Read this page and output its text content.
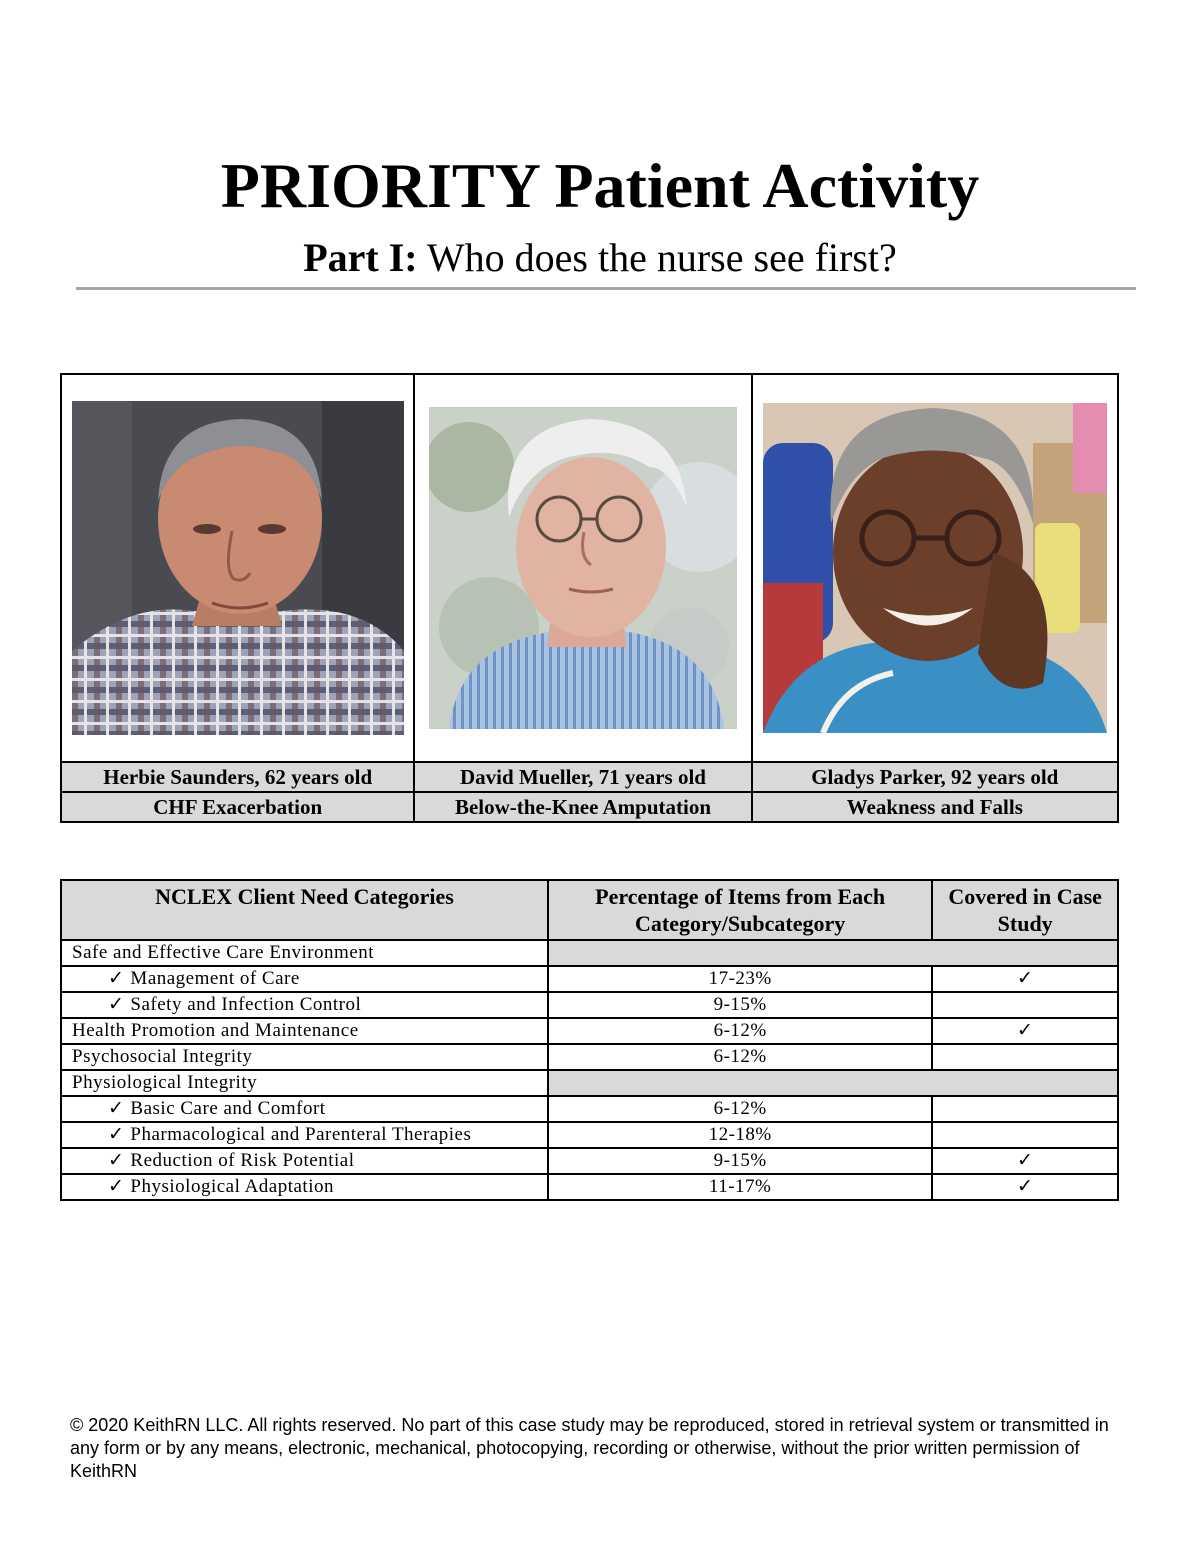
PRIORITY Patient Activity

Part I: Who does the nurse see first?

Herbie Saunders, 62 years old	David Mueller, 71 years old	Gladys Parker, 92 years old
CHF Exacerbation	Below-the-Knee Amputation	Weakness and Falls
NCLEX Client Need Categories	Percentage of Items from Each Category/Subcategory	Covered in Case Study
Safe and Effective Care Environment		
✓ Management of Care	17-23%	✓
✓ Safety and Infection Control	9-15%	
Health Promotion and Maintenance	6-12%	✓
Psychosocial Integrity	6-12%	
Physiological Integrity		
✓ Basic Care and Comfort	6-12%	
✓ Pharmacological and Parenteral Therapies	12-18%	
✓ Reduction of Risk Potential	9-15%	✓
✓ Physiological Adaptation	11-17%	✓

© 2020 KeithRN LLC. All rights reserved. No part of this case study may be reproduced, stored in retrieval system or transmitted in any form or by any means, electronic, mechanical, photocopying, recording or otherwise, without the prior written permission of KeithRN
